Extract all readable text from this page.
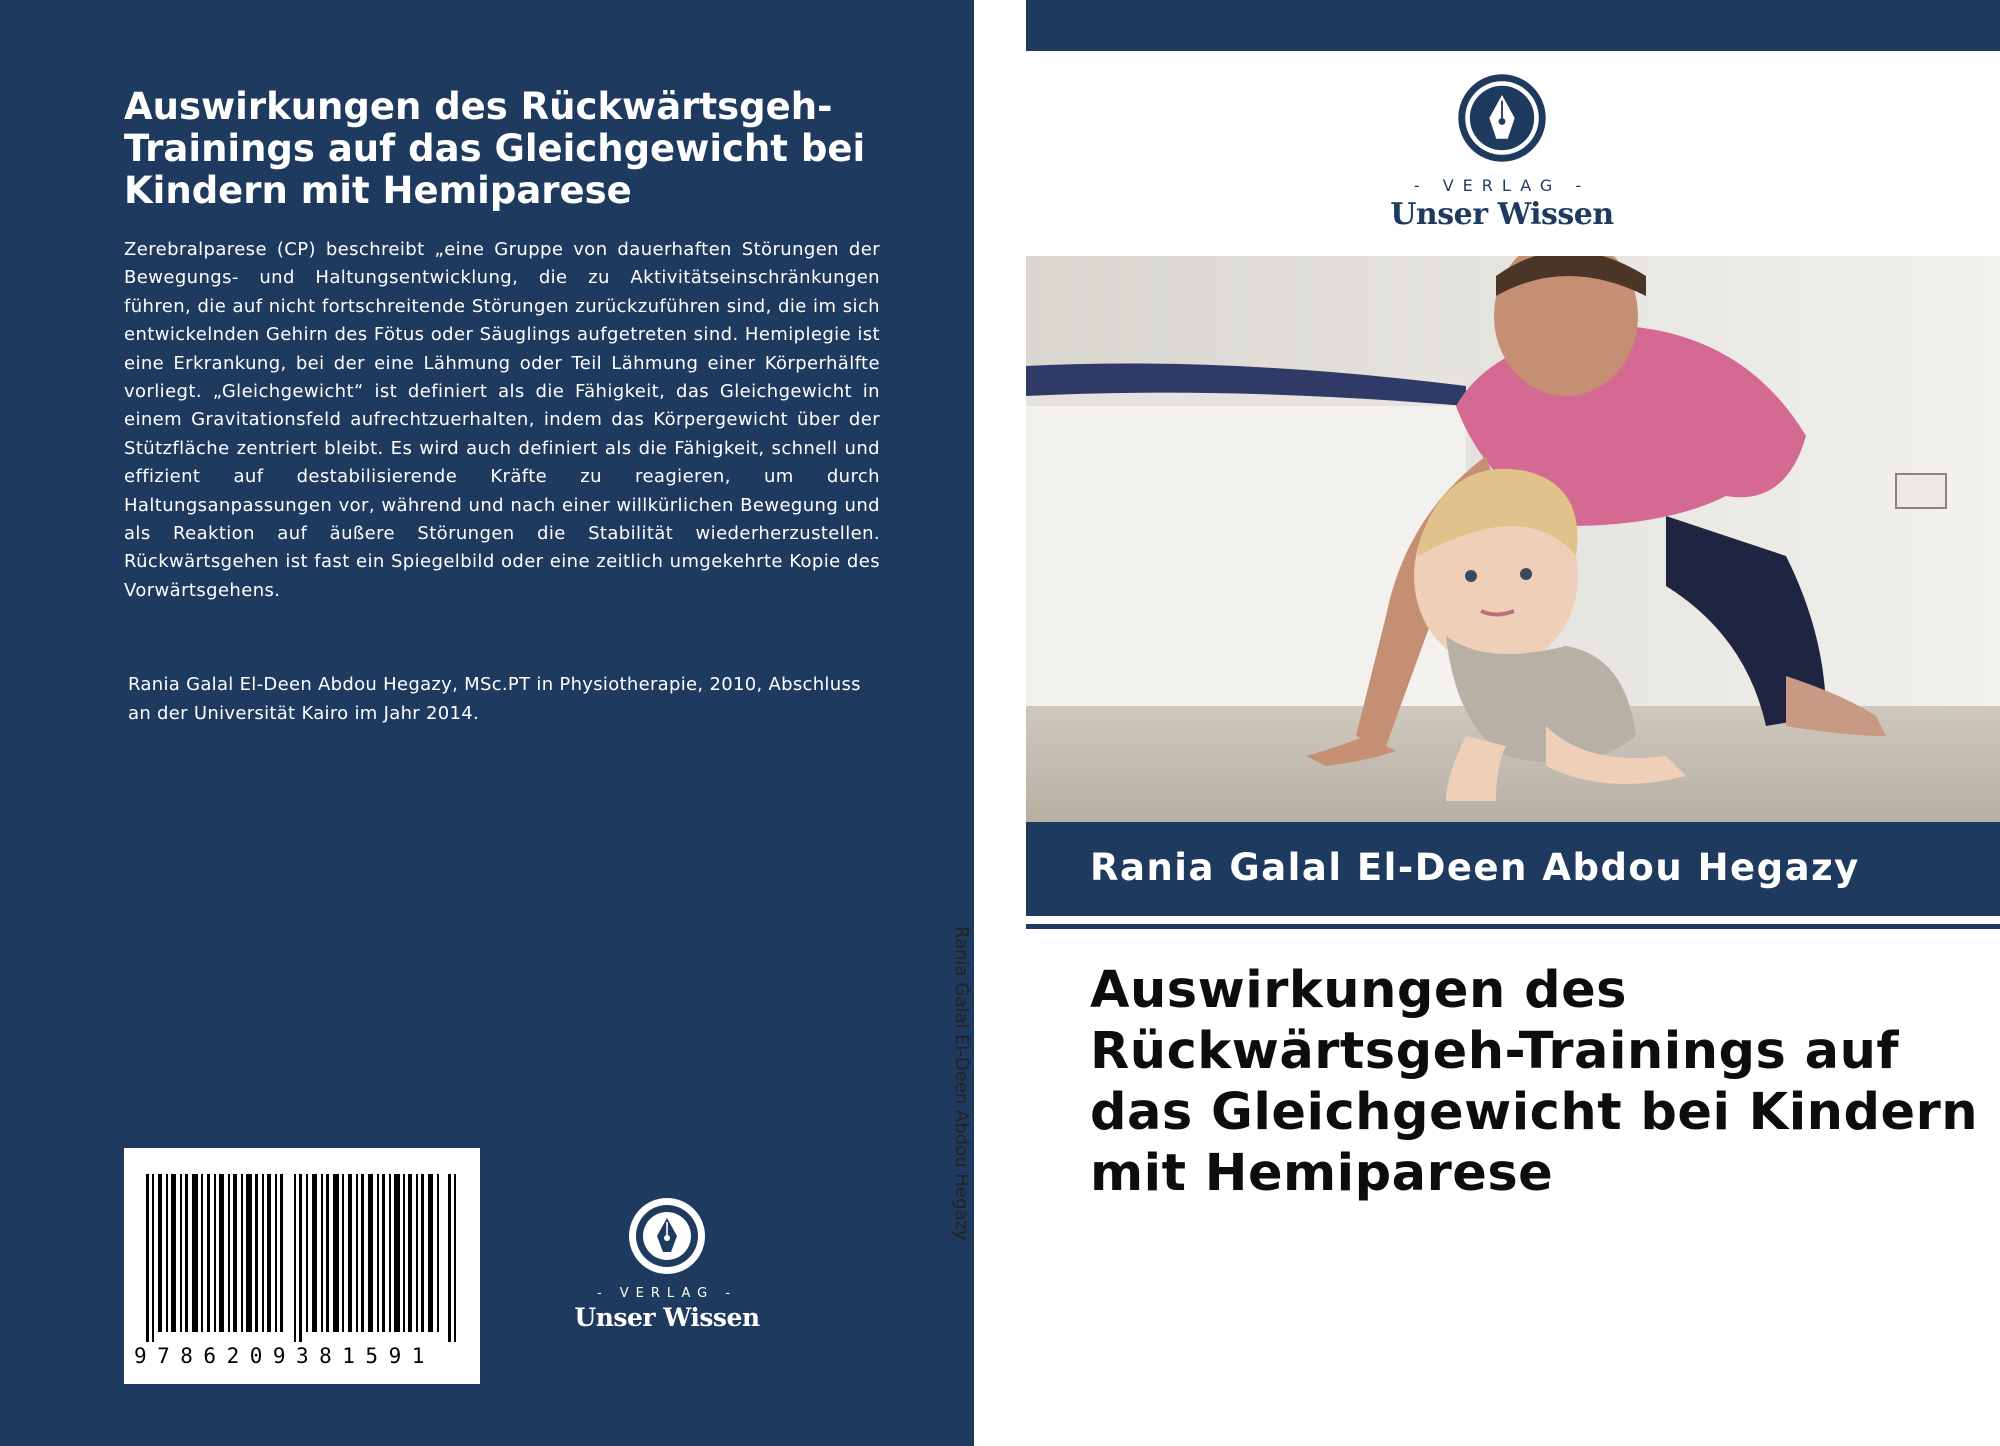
Auswirkungen des Rückwärtsgeh-Trainings auf das Gleichgewicht bei Kindern mit Hemiparese
Zerebralparese (CP) beschreibt „eine Gruppe von dauerhaften Störungen der Bewegungs- und Haltungsentwicklung, die zu Aktivitätseinschränkungen führen, die auf nicht fortschreitende Störungen zurückzuführen sind, die im sich entwickelnden Gehirn des Fötus oder Säuglings aufgetreten sind. Hemiplegie ist eine Erkrankung, bei der eine Lähmung oder Teil Lähmung einer Körperhälfte vorliegt. „Gleichgewicht“ ist definiert als die Fähigkeit, das Gleichgewicht in einem Gravitationsfeld aufrechtzuerhalten, indem das Körpergewicht über der Stützfläche zentriert bleibt. Es wird auch definiert als die Fähigkeit, schnell und effizient auf destabilisierende Kräfte zu reagieren, um durch Haltungsanpassungen vor, während und nach einer willkürlichen Bewegung und als Reaktion auf äußere Störungen die Stabilität wiederherzustellen. Rückwärtsgehen ist fast ein Spiegelbild oder eine zeitlich umgekehrte Kopie des Vorwärtsgehens.
Rania Galal El-Deen Abdou Hegazy, MSc.PT in Physiotherapie, 2010, Abschluss an der Universität Kairo im Jahr 2014.
9786209381591
- VERLAG -
Unser Wissen
Rania Galal El-Deen Abdou Hegazy
- VERLAG -
Unser Wissen
Rania Galal El-Deen Abdou Hegazy
Auswirkungen des Rückwärtsgeh-Trainings auf das Gleichgewicht bei Kindern mit Hemiparese
